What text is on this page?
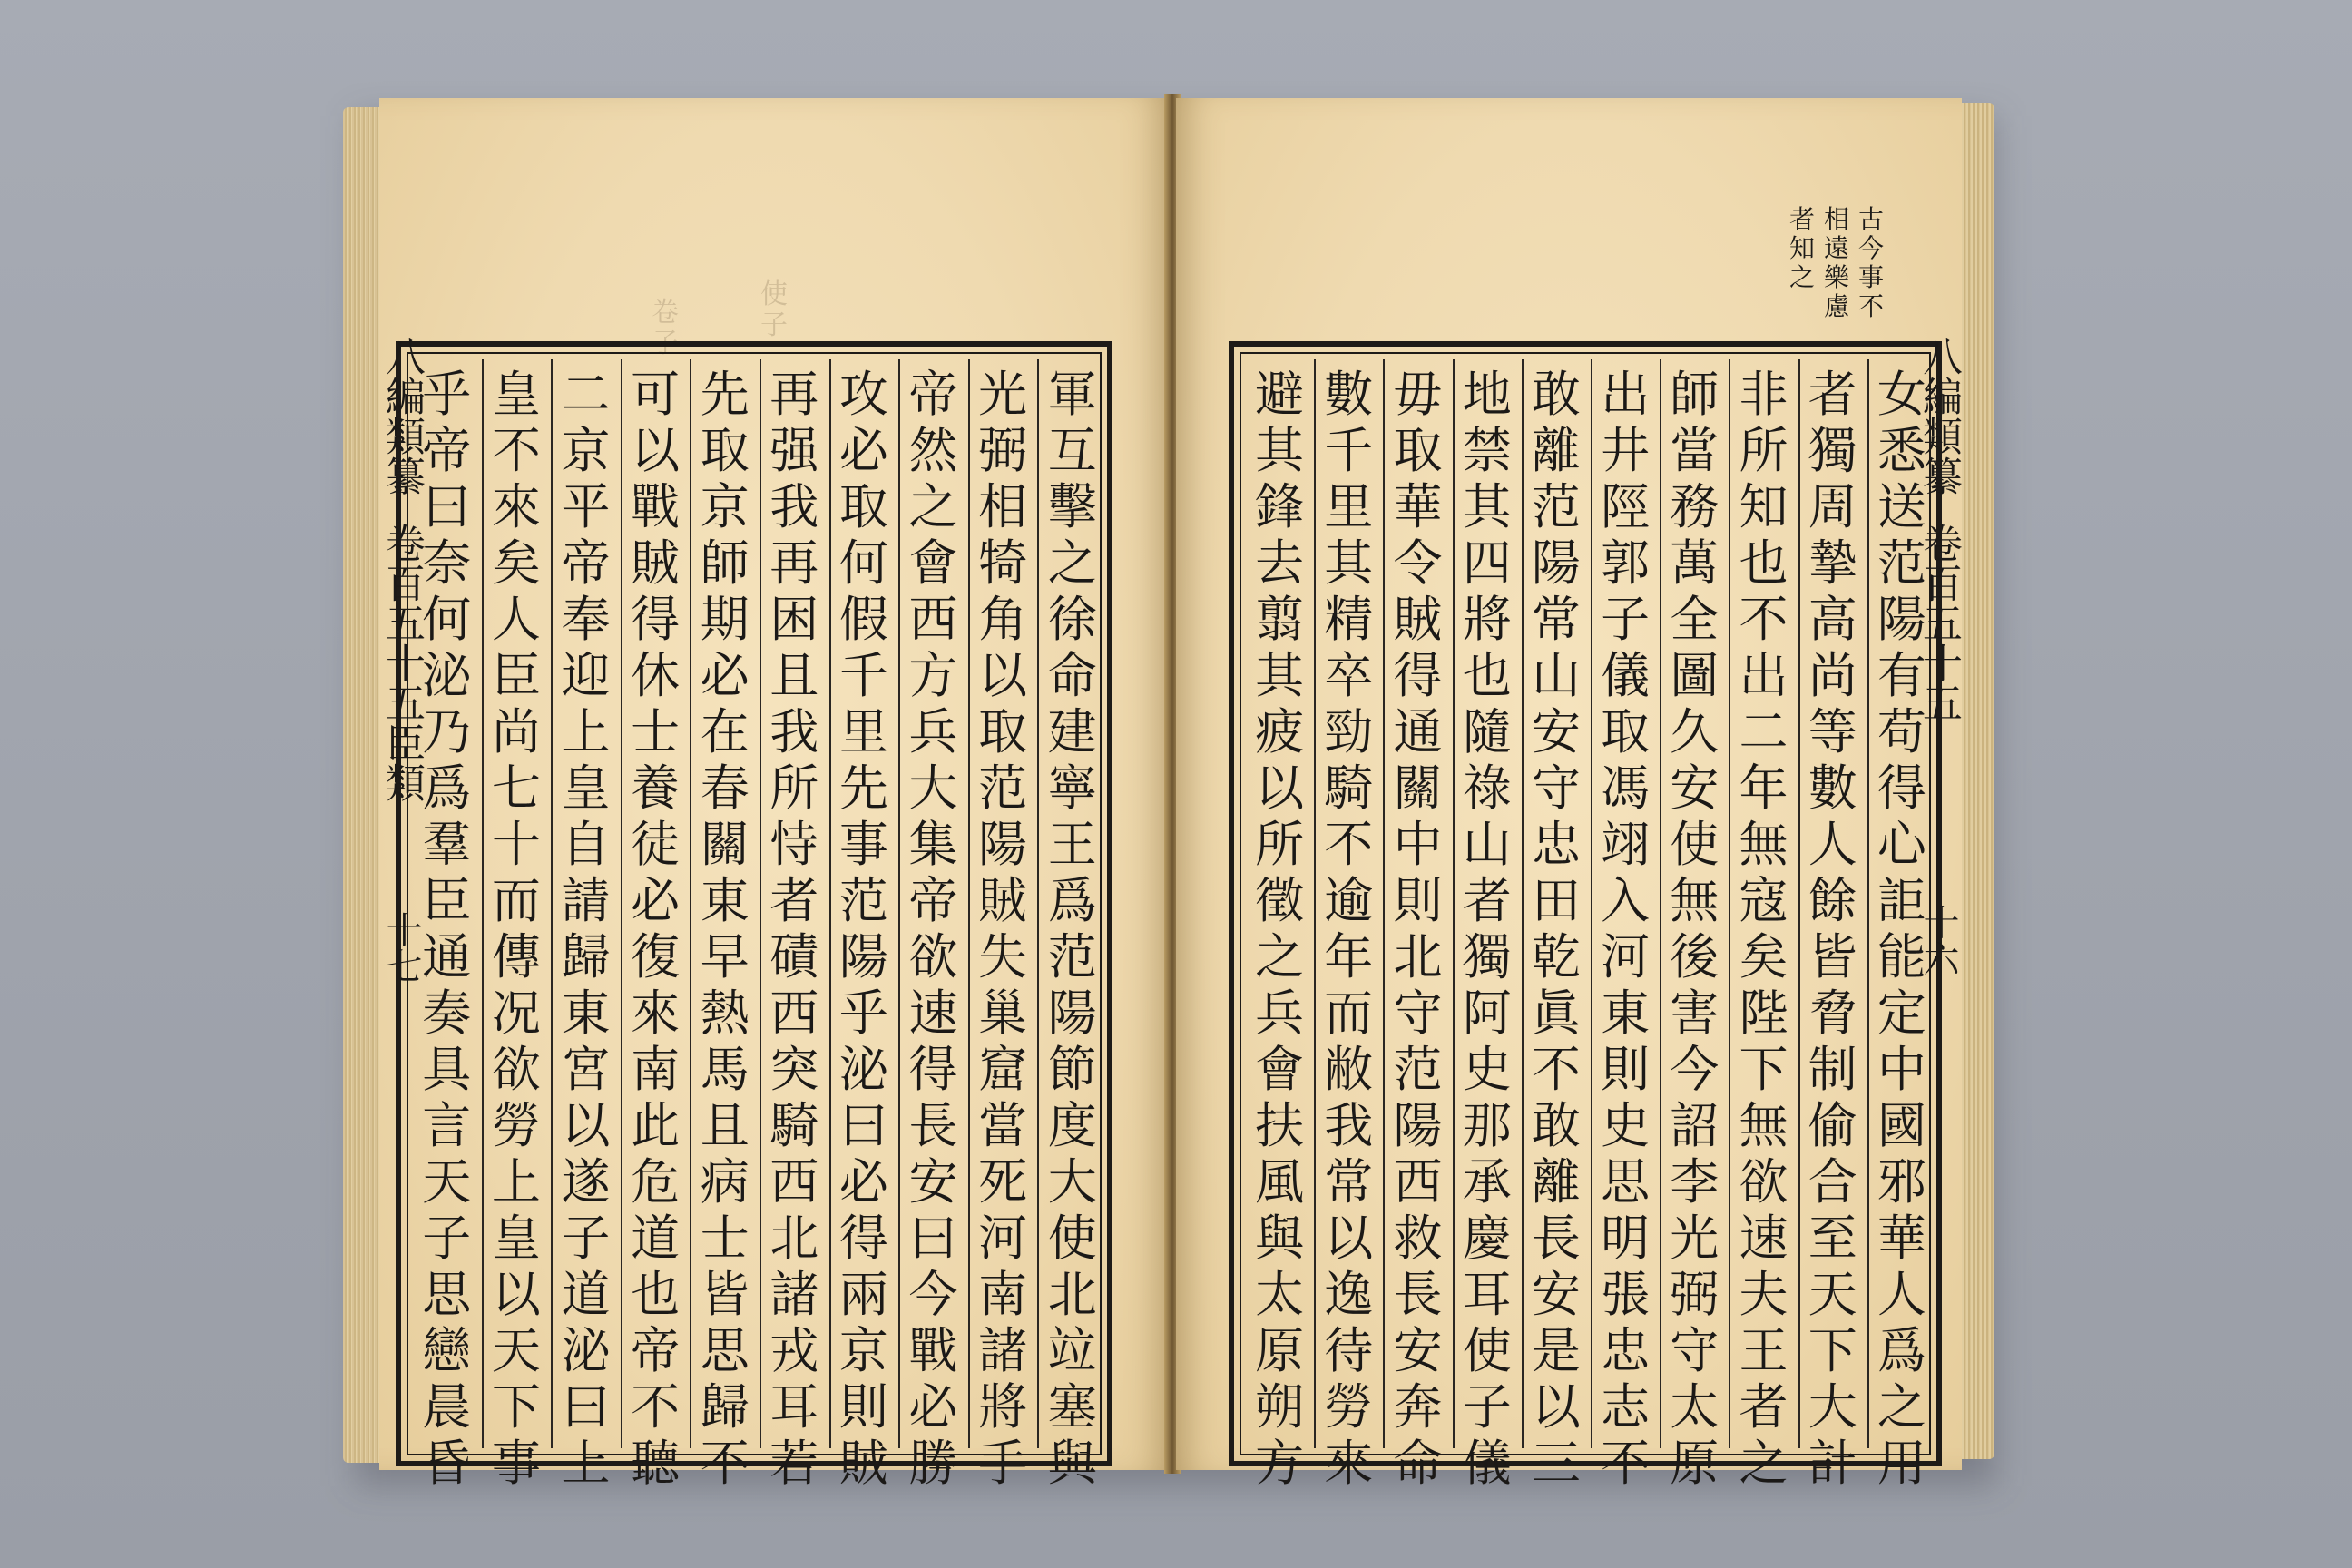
卷
子
使
子
軍
互
擊
之
徐
命
建
寧
王
爲
范
陽
節
度
大
使
北
竝
塞
與
光
弼
相
犄
角
以
取
范
陽
賊
失
巢
窟
當
死
河
南
諸
將
手
帝
然
之
會
西
方
兵
大
集
帝
欲
速
得
長
安
曰
今
戰
必
勝
攻
必
取
何
假
千
里
先
事
范
陽
乎
泌
曰
必
得
兩
京
則
賊
再
强
我
再
困
且
我
所
恃
者
磧
西
突
騎
西
北
諸
戎
耳
若
先
取
京
師
期
必
在
春
關
東
早
熱
馬
且
病
士
皆
思
歸
不
可
以
戰
賊
得
休
士
養
徒
必
復
來
南
此
危
道
也
帝
不
聽
二
京
平
帝
奉
迎
上
皇
自
請
歸
東
宮
以
遂
子
道
泌
曰
上
皇
不
來
矣
人
臣
尚
七
十
而
傳
况
欲
勞
上
皇
以
天
下
事
乎
帝
曰
奈
何
泌
乃
爲
羣
臣
通
奏
具
言
天
子
思
戀
晨
昏
八編類纂
卷百五十五
臣類
十七
古
今
事
不
相
遠
樂
慮
者
知
之
女
悉
送
范
陽
有
苟
得
心
詎
能
定
中
國
邪
華
人
爲
之
用
者
獨
周
摯
高
尚
等
數
人
餘
皆
脅
制
偷
合
至
天
下
大
計
非
所
知
也
不
出
二
年
無
寇
矣
陛
下
無
欲
速
夫
王
者
之
師
當
務
萬
全
圖
久
安
使
無
後
害
今
詔
李
光
弼
守
太
原
出
井
陘
郭
子
儀
取
馮
翊
入
河
東
則
史
思
明
張
忠
志
不
敢
離
范
陽
常
山
安
守
忠
田
乾
眞
不
敢
離
長
安
是
以
三
地
禁
其
四
將
也
隨
祿
山
者
獨
阿
史
那
承
慶
耳
使
子
儀
毋
取
華
令
賊
得
通
關
中
則
北
守
范
陽
西
救
長
安
奔
命
數
千
里
其
精
卒
勁
騎
不
逾
年
而
敝
我
常
以
逸
待
勞
來
避
其
鋒
去
翦
其
疲
以
所
徵
之
兵
會
扶
風
與
太
原
朔
方
八編類纂
卷百五十五
十六
